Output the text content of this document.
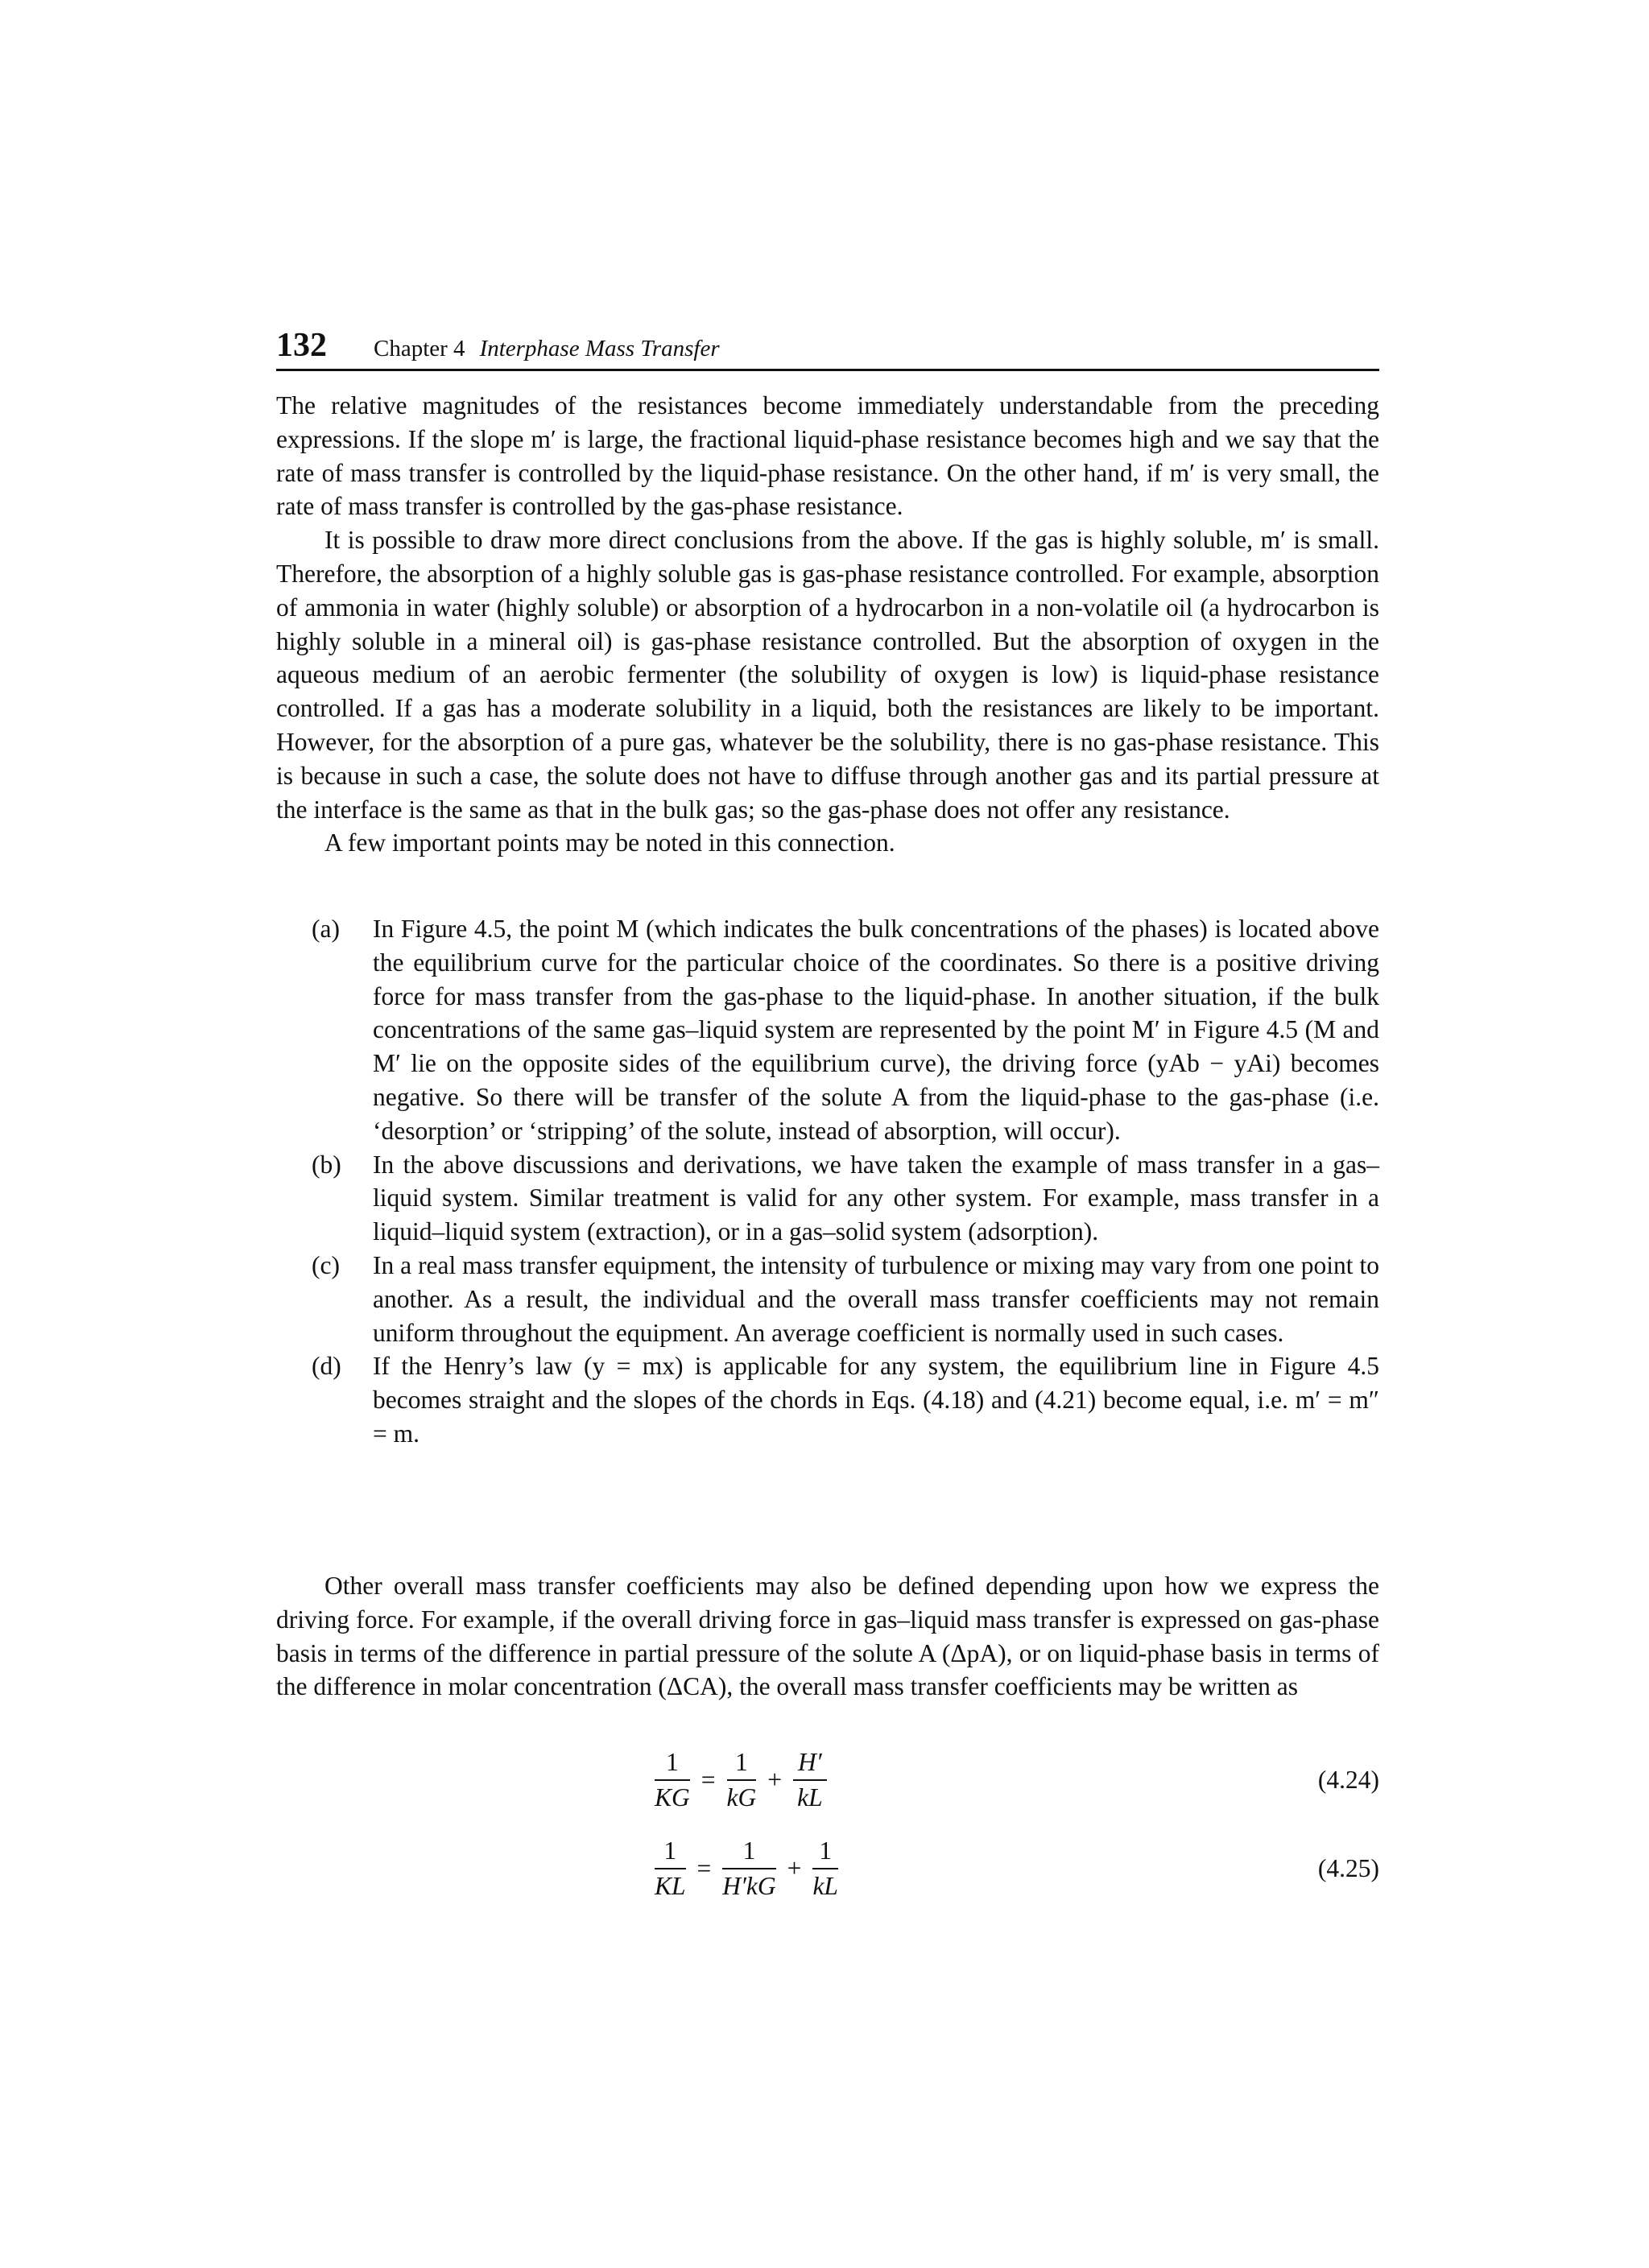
132 Chapter 4 Interphase Mass Transfer

The relative magnitudes of the resistances become immediately understandable from the preceding expressions. If the slope m′ is large, the fractional liquid-phase resistance becomes high and we say that the rate of mass transfer is controlled by the liquid-phase resistance. On the other hand, if m′ is very small, the rate of mass transfer is controlled by the gas-phase resistance.

It is possible to draw more direct conclusions from the above. If the gas is highly soluble, m′ is small. Therefore, the absorption of a highly soluble gas is gas-phase resistance controlled. For example, absorption of ammonia in water (highly soluble) or absorption of a hydrocarbon in a non-volatile oil (a hydrocarbon is highly soluble in a mineral oil) is gas-phase resistance controlled. But the absorption of oxygen in the aqueous medium of an aerobic fermenter (the solubility of oxygen is low) is liquid-phase resistance controlled. If a gas has a moderate solubility in a liquid, both the resistances are likely to be important. However, for the absorption of a pure gas, whatever be the solubility, there is no gas-phase resistance. This is because in such a case, the solute does not have to diffuse through another gas and its partial pressure at the interface is the same as that in the bulk gas; so the gas-phase does not offer any resistance.

A few important points may be noted in this connection.

(a)	In Figure 4.5, the point M (which indicates the bulk concentrations of the phases) is located above the equilibrium curve for the particular choice of the coordinates. So there is a positive driving force for mass transfer from the gas-phase to the liquid-phase. In another situation, if the bulk concentrations of the same gas–liquid system are represented by the point M′ in Figure 4.5 (M and M′ lie on the opposite sides of the equilibrium curve), the driving force (yAb − yAi) becomes negative. So there will be transfer of the solute A from the liquid-phase to the gas-phase (i.e. ‘desorption’ or ‘stripping’ of the solute, instead of absorption, will occur).
(b)	In the above discussions and derivations, we have taken the example of mass transfer in a gas–liquid system. Similar treatment is valid for any other system. For example, mass transfer in a liquid–liquid system (extraction), or in a gas–solid system (adsorption).
(c)	In a real mass transfer equipment, the intensity of turbulence or mixing may vary from one point to another. As a result, the individual and the overall mass transfer coefficients may not remain uniform throughout the equipment. An average coefficient is normally used in such cases.
(d)	If the Henry’s law (y = mx) is applicable for any system, the equilibrium line in Figure 4.5 becomes straight and the slopes of the chords in Eqs. (4.18) and (4.21) become equal, i.e. m′ = m″ = m.

Other overall mass transfer coefficients may also be defined depending upon how we express the driving force. For example, if the overall driving force in gas–liquid mass transfer is expressed on gas-phase basis in terms of the difference in partial pressure of the solute A (ΔpA), or on liquid-phase basis in terms of the difference in molar concentration (ΔCA), the overall mass transfer coefficients may be written as

$\frac{1}{KG} = \frac{1}{kG} + \frac{H'}{kL}$	(4.24)
$\frac{1}{KL} = \frac{1}{H'kG} + \frac{1}{kL}$	(4.25)
